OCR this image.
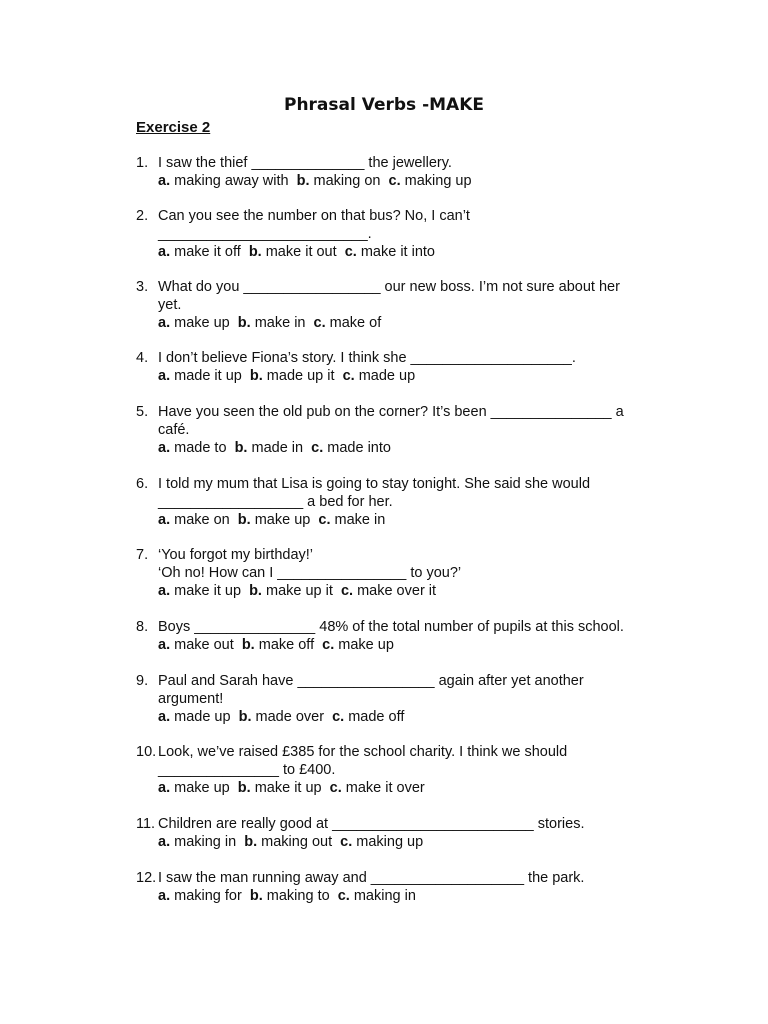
Phrasal Verbs -MAKE
Exercise 2
1. I saw the thief ______________ the jewellery.
a. making away with  b. making on  c. making up
2. Can you see the number on that bus? No, I can’t
__________________________.
a. make it off  b. make it out  c. make it into
3. What do you _________________ our new boss. I’m not sure about her
yet.
a. make up  b. make in  c. make of
4. I don’t believe Fiona’s story. I think she ____________________.
a. made it up  b. made up it  c. made up
5. Have you seen the old pub on the corner? It’s been _______________ a
café.
a. made to  b. made in  c. made into
6. I told my mum that Lisa is going to stay tonight. She said she would
__________________ a bed for her.
a. make on  b. make up  c. make in
7. ‘You forgot my birthday!’
‘Oh no! How can I ________________ to you?’
a. make it up  b. make up it  c. make over it
8. Boys _______________ 48% of the total number of pupils at this school.
a. make out  b. make off  c. make up
9. Paul and Sarah have _________________ again after yet another
argument!
a. made up  b. made over  c. made off
10. Look, we’ve raised £385 for the school charity. I think we should
_______________ to £400.
a. make up  b. make it up  c. make it over
11. Children are really good at _________________________ stories.
a. making in  b. making out  c. making up
12. I saw the man running away and ___________________ the park.
a. making for  b. making to  c. making in
